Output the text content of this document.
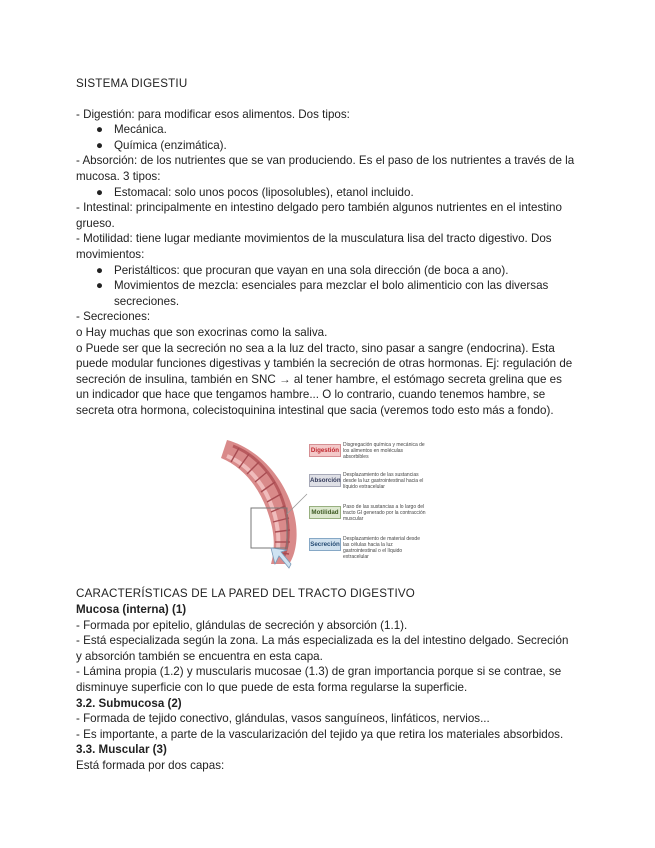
SISTEMA DIGESTIU

- Digestión: para modificar esos alimentos. Dos tipos:

● Mecánica.

● Química (enzimática).

- Absorción: de los nutrientes que se van produciendo. Es el paso de los nutrientes a través de la mucosa. 3 tipos:

● Estomacal: solo unos pocos (liposolubles), etanol incluido.

- Intestinal: principalmente en intestino delgado pero también algunos nutrientes en el intestino grueso.

- Motilidad: tiene lugar mediante movimientos de la musculatura lisa del tracto digestivo. Dos movimientos:

● Peristálticos: que procuran que vayan en una sola dirección (de boca a ano).

● Movimientos de mezcla: esenciales para mezclar el bolo alimenticio con las diversas secreciones.

- Secreciones:

o Hay muchas que son exocrinas como la saliva.

o Puede ser que la secreción no sea a la luz del tracto, sino pasar a sangre (endocrina). Esta puede modular funciones digestivas y también la secreción de otras hormonas. Ej: regulación de secreción de insulina, también en SNC → al tener hambre, el estómago secreta grelina que es un indicador que hace que tengamos hambre... O lo contrario, cuando tenemos hambre, se secreta otra hormona, colecistoquinina intestinal que sacia (veremos todo esto más a fondo).

Digestión
Disgregación química y mecánica de los alimentos en moléculas absorbibles
Absorción
Desplazamiento de las sustancias desde la luz gastrointestinal hacia el líquido extracelular
Motilidad
Paso de las sustancias a lo largo del tracto GI generado por la contracción muscular
Secreción
Desplazamiento de material desde las células hacia la luz gastrointestinal o el líquido extracelular

CARACTERÍSTICAS DE LA PARED DEL TRACTO DIGESTIVO

Mucosa (interna) (1)

- Formada por epitelio, glándulas de secreción y absorción (1.1).

- Está especializada según la zona. La más especializada es la del intestino delgado. Secreción y absorción también se encuentra en esta capa.

- Lámina propia (1.2) y muscularis mucosae (1.3) de gran importancia porque si se contrae, se disminuye superficie con lo que puede de esta forma regularse la superficie.

3.2. Submucosa (2)

- Formada de tejido conectivo, glándulas, vasos sanguíneos, linfáticos, nervios...

- Es importante, a parte de la vascularización del tejido ya que retira los materiales absorbidos.

3.3. Muscular (3)

Está formada por dos capas:
